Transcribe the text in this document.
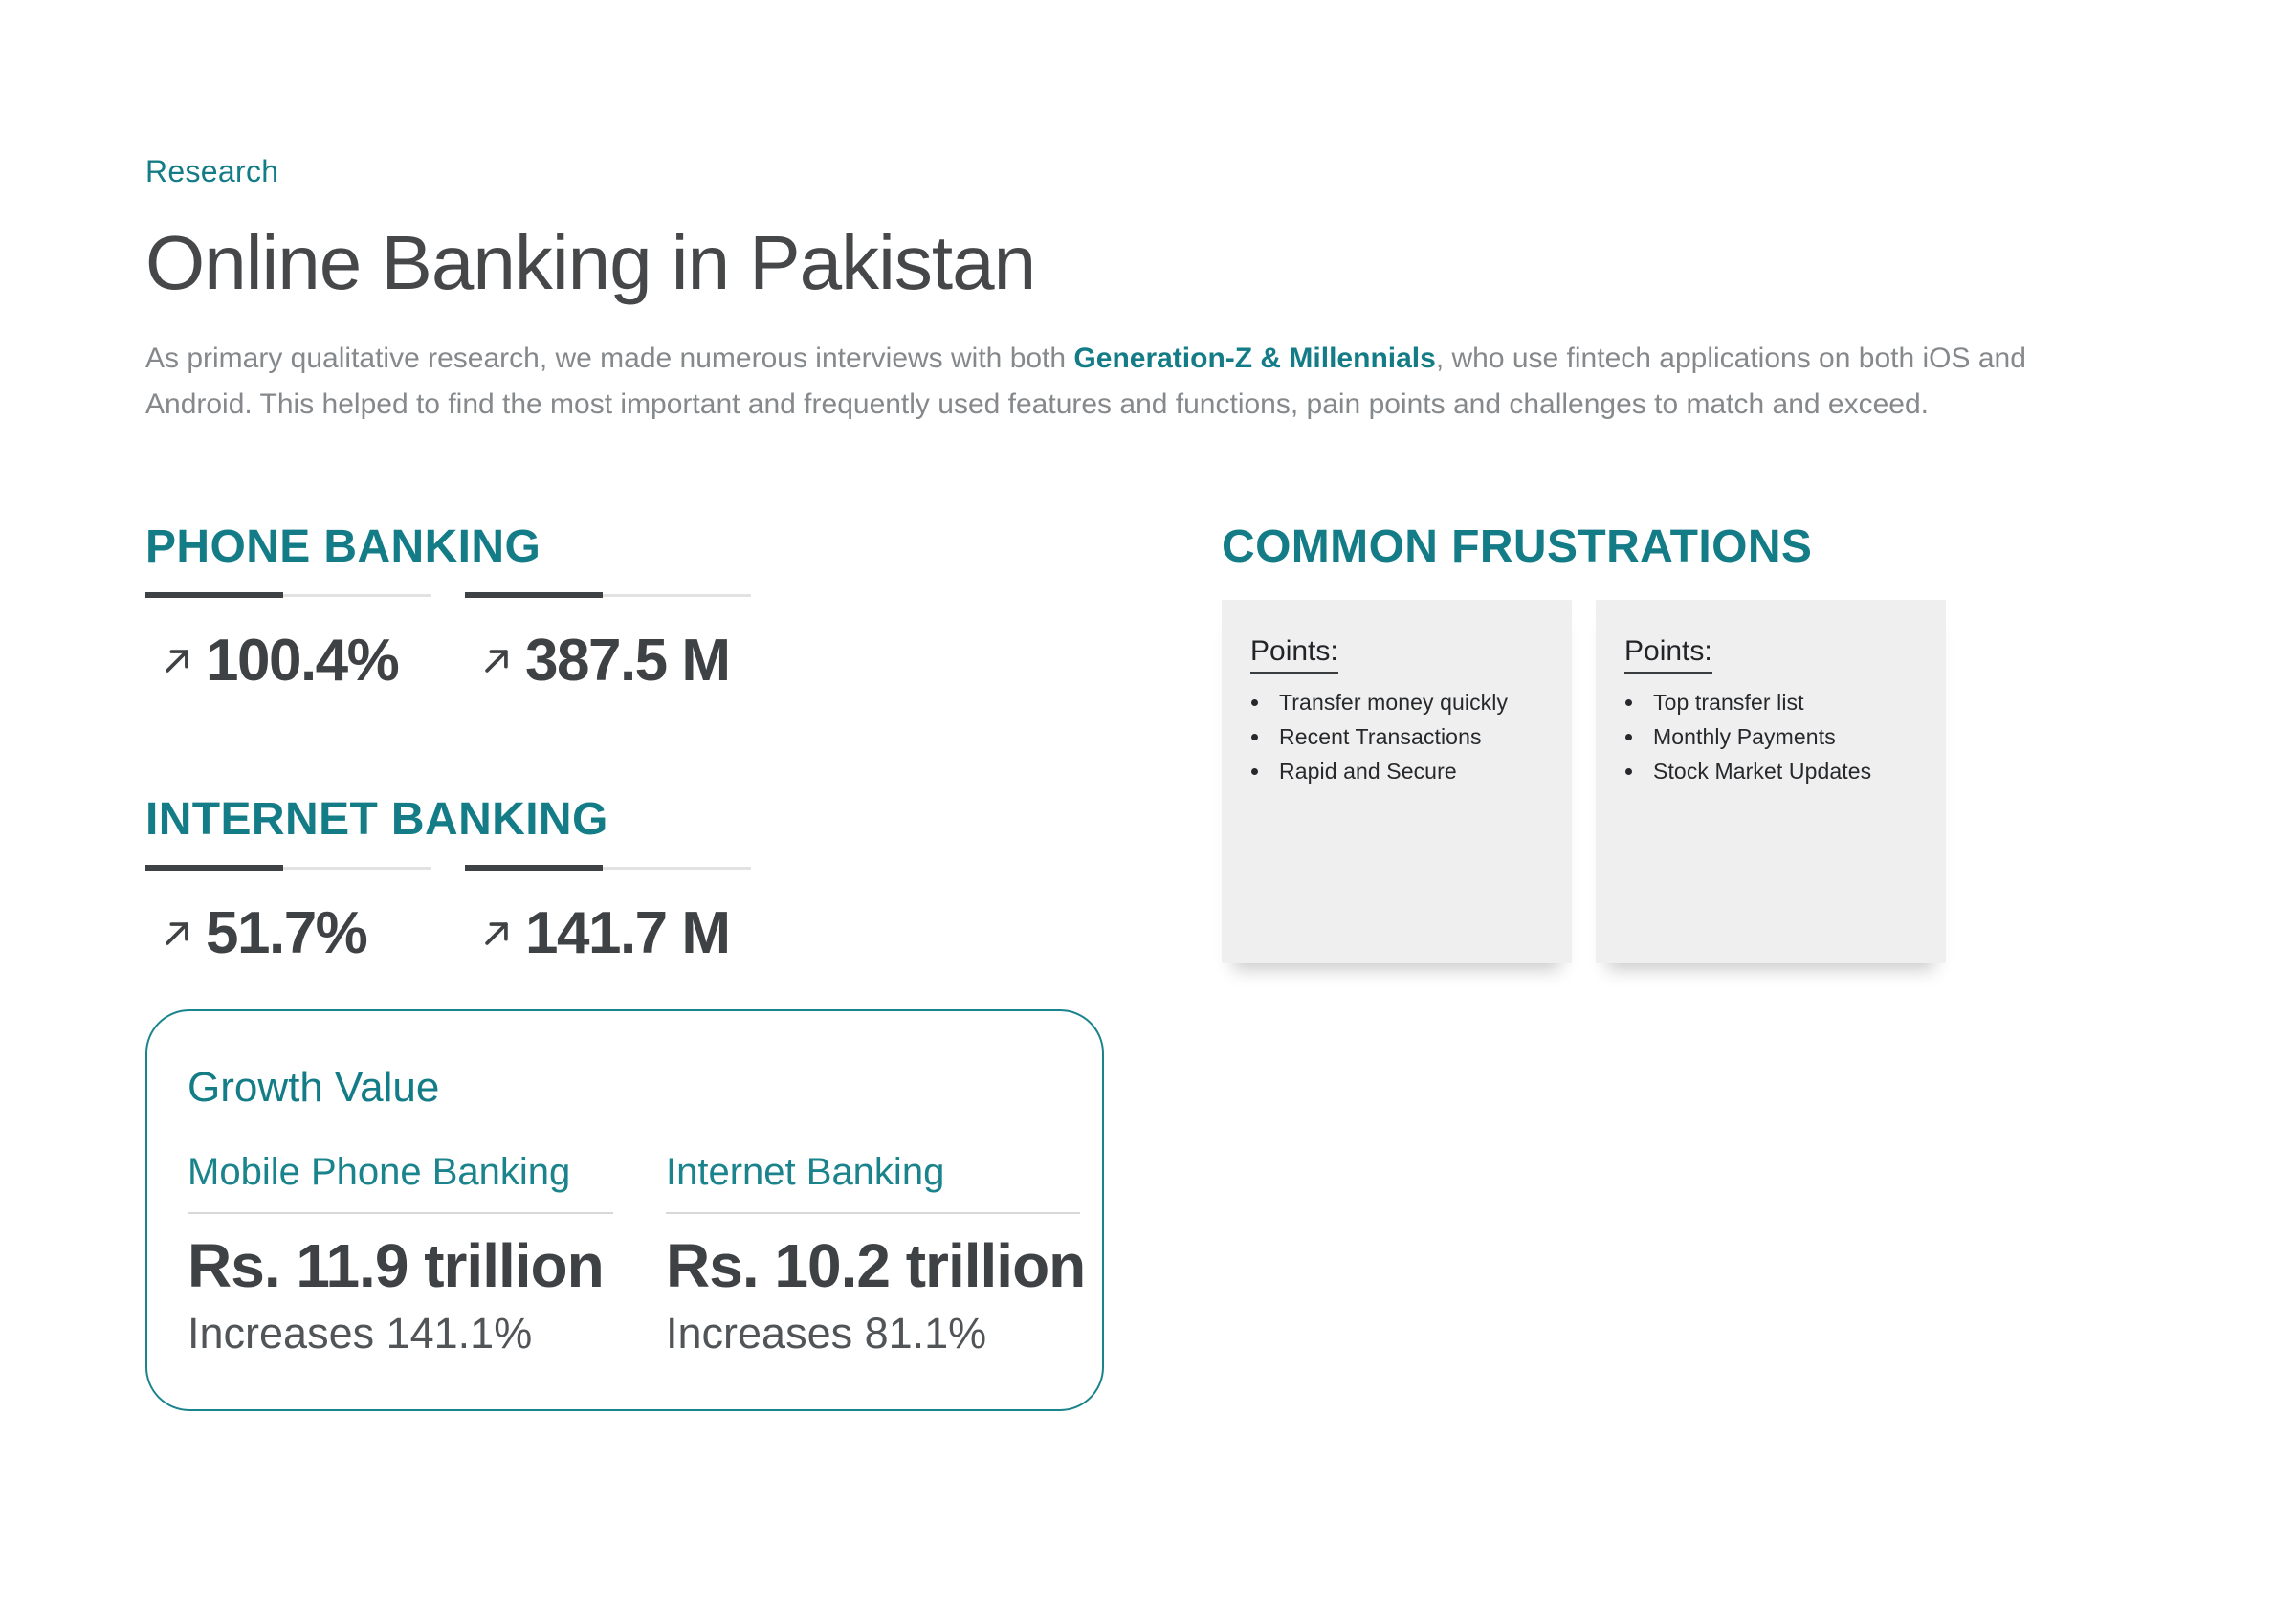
Research
Online Banking in Pakistan

As primary qualitative research, we made numerous interviews with both Generation-Z & Millennials, who use fintech applications on both iOS and Android. This helped to find the most important and frequently used features and functions, pain points and challenges to match and exceed.

PHONE BANKING
100.4% 387.5 M
INTERNET BANKING
51.7%	141.7 M
Growth Value
Mobile Phone Banking
Rs. 11.9 trillion
Increases 141.1%
Internet Banking
Rs. 10.2 trillion
Increases 81.1%
COMMON FRUSTRATIONS
Points:
• Transfer money quickly
• Recent Transactions
• Rapid and Secure
Points:
• Top transfer list
• Monthly Payments
• Stock Market Updates
